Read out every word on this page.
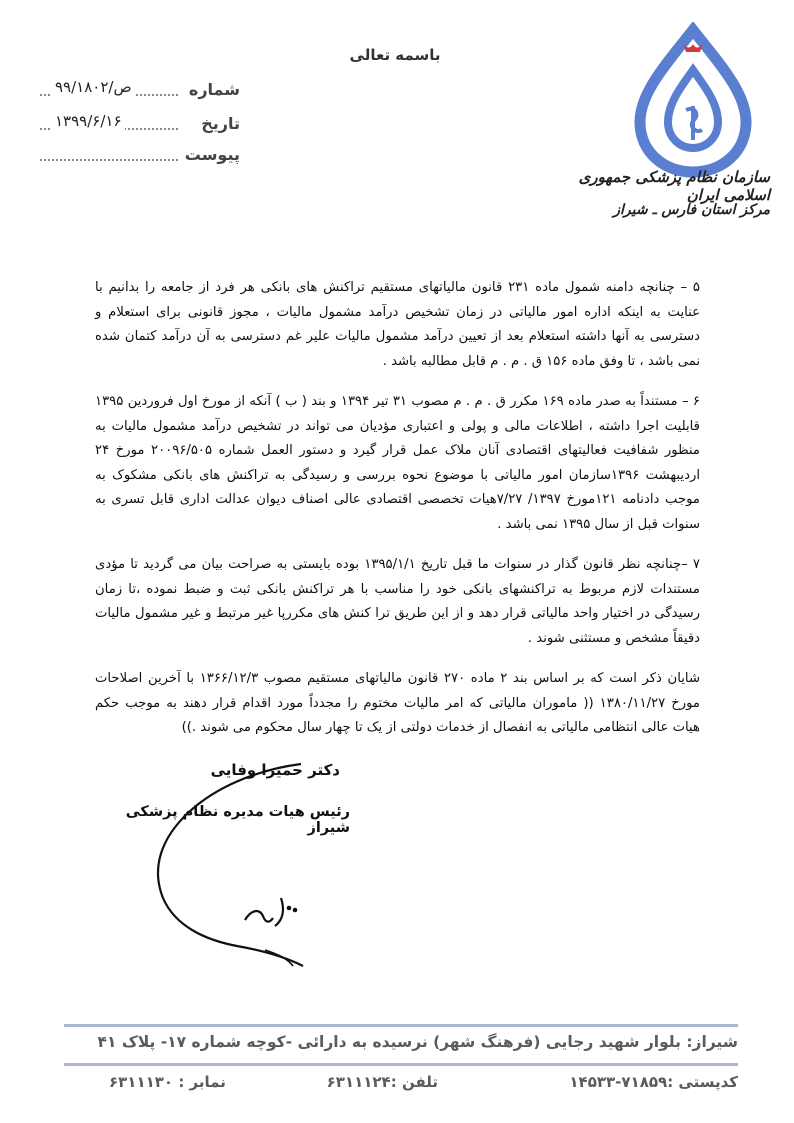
باسمه تعالی
سازمان نظام پزشکی جمهوری اسلامی ایران
مرکز استان فارس ـ شیراز
شماره
ص/۹۹/۱۸۰۲
تاریخ
۱۳۹۹/۶/۱۶
پیوست

۵ – چنانچه دامنه شمول ماده ۲۳۱ قانون مالیاتهای مستقیم تراکنش های بانکی هر فرد از جامعه را بدانیم با عنایت به اینکه اداره امور مالیاتی در زمان تشخیص درآمد مشمول مالیات ، مجوز قانونی برای استعلام و دسترسی به آنها داشته استعلام بعد از تعیین درآمد مشمول مالیات علیر غم دسترسی به آن درآمد کتمان شده نمی باشد ، تا وفق ماده ۱۵۶ ق . م . م قابل مطالبه باشد .

۶ – مستنداً به صدر ماده ۱۶۹ مکرر ق . م . م مصوب ۳۱ تیر ۱۳۹۴ و بند ( ب ) آنکه از مورخ اول فروردین ۱۳۹۵ قابلیت اجرا داشته ، اطلاعات مالی و پولی و اعتباری مؤدیان می تواند در تشخیص درآمد مشمول مالیات به منظور شفافیت فعالیتهای اقتصادی آنان ملاک عمل قرار گیرد و دستور العمل شماره ۲۰۰۹۶/۵۰۵ مورخ ۲۴ اردیبهشت ۱۳۹۶سازمان امور مالیاتی با موضوع نحوه بررسی و رسیدگی به تراکنش های بانکی مشکوک به موجب دادنامه ۱۲۱مورخ ۱۳۹۷/ ۷/۲۷هیات تخصصی اقتصادی عالی اصناف دیوان عدالت اداری قابل تسری به سنوات قبل از سال ۱۳۹۵ نمی باشد .

۷ –چنانچه نظر قانون گذار در سنوات ما قبل تاریخ ۱۳۹۵/۱/۱ بوده بایستی به صراحت بیان می گردید تا مؤدی مستندات لازم مربوط به تراکنشهای بانکی خود را مناسب با هر تراکنش بانکی ثبت و ضبط نموده ،تا زمان رسیدگی در اختیار واحد مالیاتی قرار دهد و از این طریق ترا کنش های مکررپا غیر مرتبط و غیر مشمول مالیات دقیقاً مشخص و مستثنی شوند .

شایان ذکر است که بر اساس بند ۲ ماده ۲۷۰ قانون مالیاتهای مستقیم مصوب ۱۳۶۶/۱۲/۳ با آخرین اصلاحات مورخ ۱۳۸۰/۱۱/۲۷ (( ماموران مالیاتی که امر مالیات مختوم را مجدداً مورد اقدام قرار دهند به موجب حکم هیات عالی انتظامی مالیاتی به انفصال از خدمات دولتی از یک تا چهار سال محکوم می شوند .))

دکتر حمیرا وفایی
رئیس هیات مدیره نظام پزشکی شیراز
شیراز: بلوار شهید رجایی (فرهنگ شهر) نرسیده به دارائی -کوچه شماره ۱۷- پلاک ۴۱
کدپستی :۷۱۸۵۹-۱۴۵۳۳
تلفن :۶۳۱۱۱۲۴
نمابر : ۶۳۱۱۱۳۰
